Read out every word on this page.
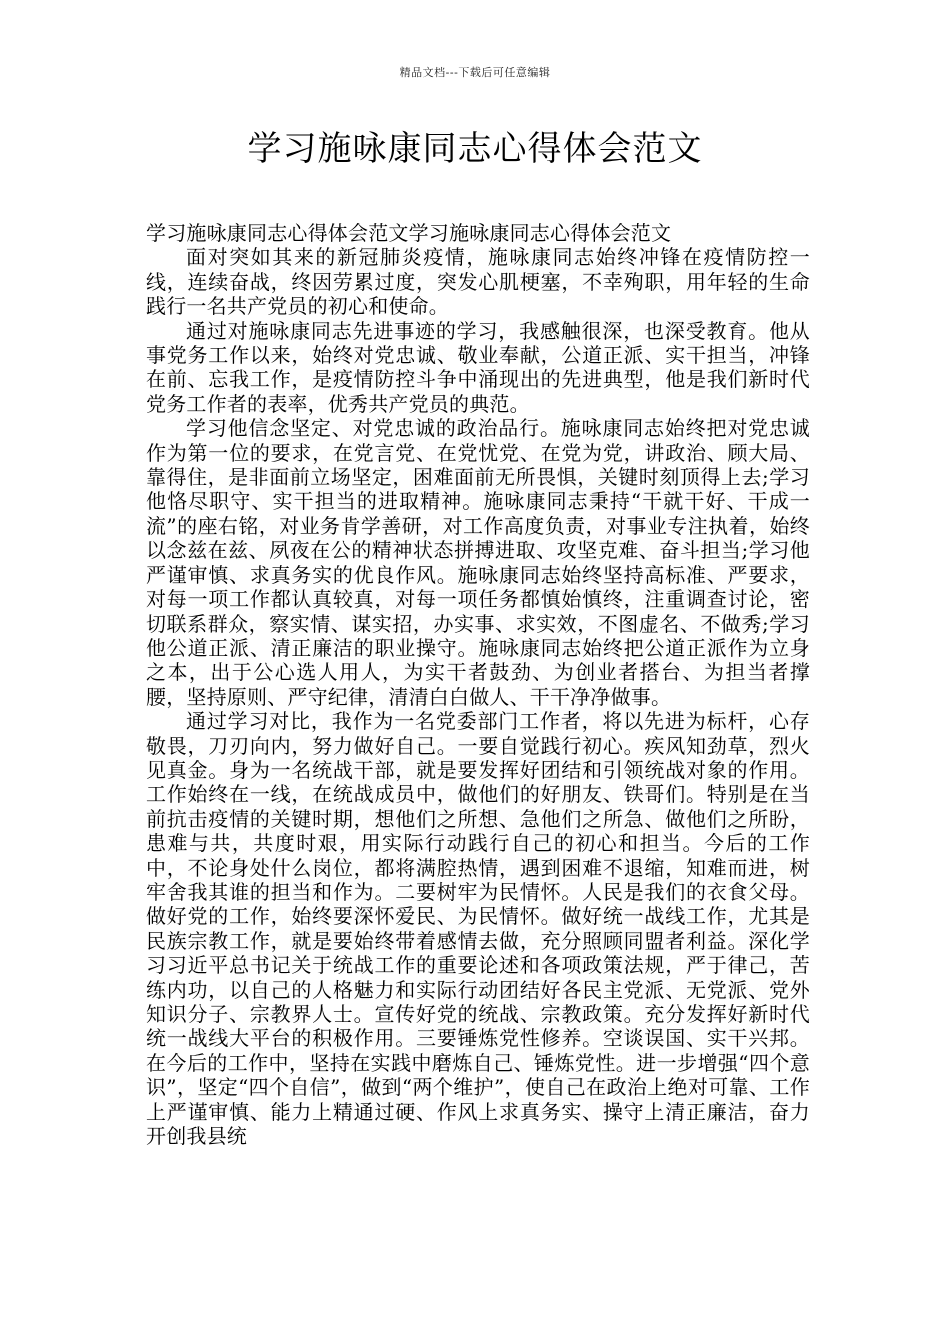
精品文档---下载后可任意编辑
学习施咏康同志心得体会范文

学习施咏康同志心得体会范文学习施咏康同志心得体会范文

面对突如其来的新冠肺炎疫情，施咏康同志始终冲锋在疫情防控一线，连续奋战，终因劳累过度，突发心肌梗塞，不幸殉职，用年轻的生命践行一名共产党员的初心和使命。

通过对施咏康同志先进事迹的学习，我感触很深，也深受教育。他从事党务工作以来，始终对党忠诚、敬业奉献，公道正派、实干担当，冲锋在前、忘我工作，是疫情防控斗争中涌现出的先进典型，他是我们新时代党务工作者的表率，优秀共产党员的典范。

学习他信念坚定、对党忠诚的政治品行。施咏康同志始终把对党忠诚作为第一位的要求，在党言党、在党忧党、在党为党，讲政治、顾大局、靠得住，是非面前立场坚定，困难面前无所畏惧，关键时刻顶得上去;学习他恪尽职守、实干担当的进取精神。施咏康同志秉持“干就干好、干成一流”的座右铭，对业务肯学善研，对工作高度负责，对事业专注执着，始终以念兹在兹、夙夜在公的精神状态拼搏进取、攻坚克难、奋斗担当;学习他严谨审慎、求真务实的优良作风。施咏康同志始终坚持高标准、严要求，对每一项工作都认真较真，对每一项任务都慎始慎终，注重调查讨论，密切联系群众，察实情、谋实招，办实事、求实效，不图虚名、不做秀;学习他公道正派、清正廉洁的职业操守。施咏康同志始终把公道正派作为立身之本，出于公心选人用人，为实干者鼓劲、为创业者搭台、为担当者撑腰，坚持原则、严守纪律，清清白白做人、干干净净做事。

通过学习对比，我作为一名党委部门工作者，将以先进为标杆，心存敬畏，刀刃向内，努力做好自己。一要自觉践行初心。疾风知劲草，烈火见真金。身为一名统战干部，就是要发挥好团结和引领统战对象的作用。工作始终在一线，在统战成员中，做他们的好朋友、铁哥们。特别是在当前抗击疫情的关键时期，想他们之所想、急他们之所急、做他们之所盼，患难与共，共度时艰，用实际行动践行自己的初心和担当。今后的工作中，不论身处什么岗位，都将满腔热情，遇到困难不退缩，知难而进，树牢舍我其谁的担当和作为。二要树牢为民情怀。人民是我们的衣食父母。做好党的工作，始终要深怀爱民、为民情怀。做好统一战线工作，尤其是民族宗教工作，就是要始终带着感情去做，充分照顾同盟者利益。深化学习习近平总书记关于统战工作的重要论述和各项政策法规，严于律己，苦练内功，以自己的人格魅力和实际行动团结好各民主党派、无党派、党外知识分子、宗教界人士。宣传好党的统战、宗教政策。充分发挥好新时代统一战线大平台的积极作用。三要锤炼党性修养。空谈误国、实干兴邦。在今后的工作中，坚持在实践中磨炼自己、锤炼党性。进一步增强“四个意识”，坚定“四个自信”，做到“两个维护”，使自己在政治上绝对可靠、工作上严谨审慎、能力上精通过硬、作风上求真务实、操守上清正廉洁，奋力开创我县统
